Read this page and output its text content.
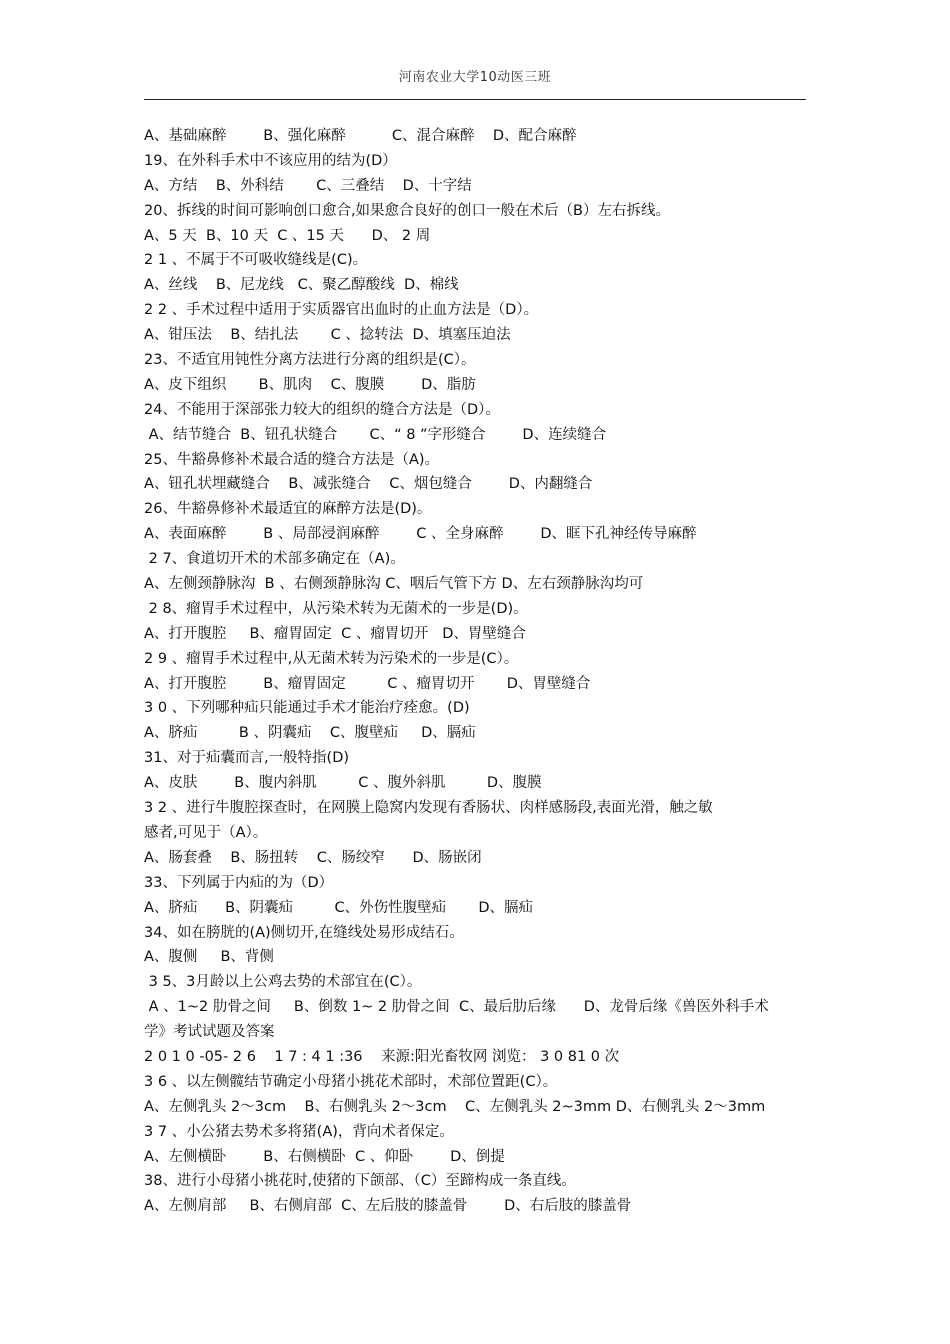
河南农业大学10动医三班
A、基础麻醉        B、强化麻醉          C、混合麻醉    D、配合麻醉
19、在外科手术中不该应用的结为(D）
A、方结    B、外科结       C、三叠结    D、十字结
20、拆线的时间可影响创口愈合,如果愈合良好的创口一般在术后（B）左右拆线。
A、5 天  B、10 天  C 、15 天      D、 2 周
2 1 、不属于不可吸收缝线是(C)。
A、丝线    B、尼龙线   C、聚乙醇酸线  D、棉线
2 2 、手术过程中适用于实质器官出血时的止血方法是（D）。
A、钳压法    B、结扎法       C 、捻转法  D、填塞压迫法
23、不适宜用钝性分离方法进行分离的组织是(C）。
A、皮下组织       B、肌肉    C、腹膜        D、脂肪
24、不能用于深部张力较大的组织的缝合方法是（D）。
A、结节缝合  B、钮孔状缝合       C、“ 8 ”字形缝合        D、连续缝合
25、牛豁鼻修补术最合适的缝合方法是（A)。
A、钮孔状埋藏缝合    B、减张缝合    C、烟包缝合        D、内翻缝合
26、牛豁鼻修补术最适宜的麻醉方法是(D)。
A、表面麻醉        B 、局部浸润麻醉        C 、全身麻醉        D、眶下孔神经传导麻醉
2 7、食道切开术的术部多确定在（A)。
A、左侧颈静脉沟  B 、右侧颈静脉沟 C、咽后气管下方 D、左右颈静脉沟均可
2 8、瘤胃手术过程中，从污染术转为无菌术的一步是(D)。
A、打开腹腔     B、瘤胃固定  C 、瘤胃切开   D、胃壁缝合
2 9 、瘤胃手术过程中,从无菌术转为污染术的一步是(C）。
A、打开腹腔        B、瘤胃固定         C 、瘤胃切开       D、胃壁缝合
3 0 、下列哪种疝只能通过手术才能治疗痊愈。(D)
A、脐疝         B 、阴囊疝    C、腹壁疝     D、膈疝
31、对于疝囊而言,一般特指(D)
A、皮肤        B、腹内斜肌         C 、腹外斜肌         D、腹膜
3 2 、进行牛腹腔探查时，在网膜上隐窝内发现有香肠状、肉样感肠段,表面光滑，触之敏
感者,可见于（A）。
A、肠套叠    B、肠扭转    C、肠绞窄      D、肠嵌闭
33、下列属于内疝的为（D）
A、脐疝      B、阴囊疝         C、外伤性腹壁疝       D、膈疝
34、如在膀胱的(A)侧切开,在缝线处易形成结石。
A、腹侧     B、背侧
3 5、3月龄以上公鸡去势的术部宜在(C）。
A 、1~2 肋骨之间     B、倒数 1~ 2 肋骨之间  C、最后肋后缘      D、龙骨后缘《兽医外科手术
学》考试试题及答案
2 0 1 0 -05- 2 6    1 7 : 4 1 :36    来源:阳光畜牧网 浏览： 3 0 81 0 次
3 6 、以左侧髋结节确定小母猪小挑花术部时，术部位置距(C）。
A、左侧乳头 2～3cm    B、右侧乳头 2～3cm    C、左侧乳头 2~3mm D、右侧乳头 2～3mm
3 7 、小公猪去势术多将猪(A)，背向术者保定。
A、左侧横卧        B、右侧横卧  C 、仰卧        D、倒提
38、进行小母猪小挑花时,使猪的下颌部、（C）至蹄构成一条直线。
A、左侧肩部     B、右侧肩部  C、左后肢的膝盖骨        D、右后肢的膝盖骨
